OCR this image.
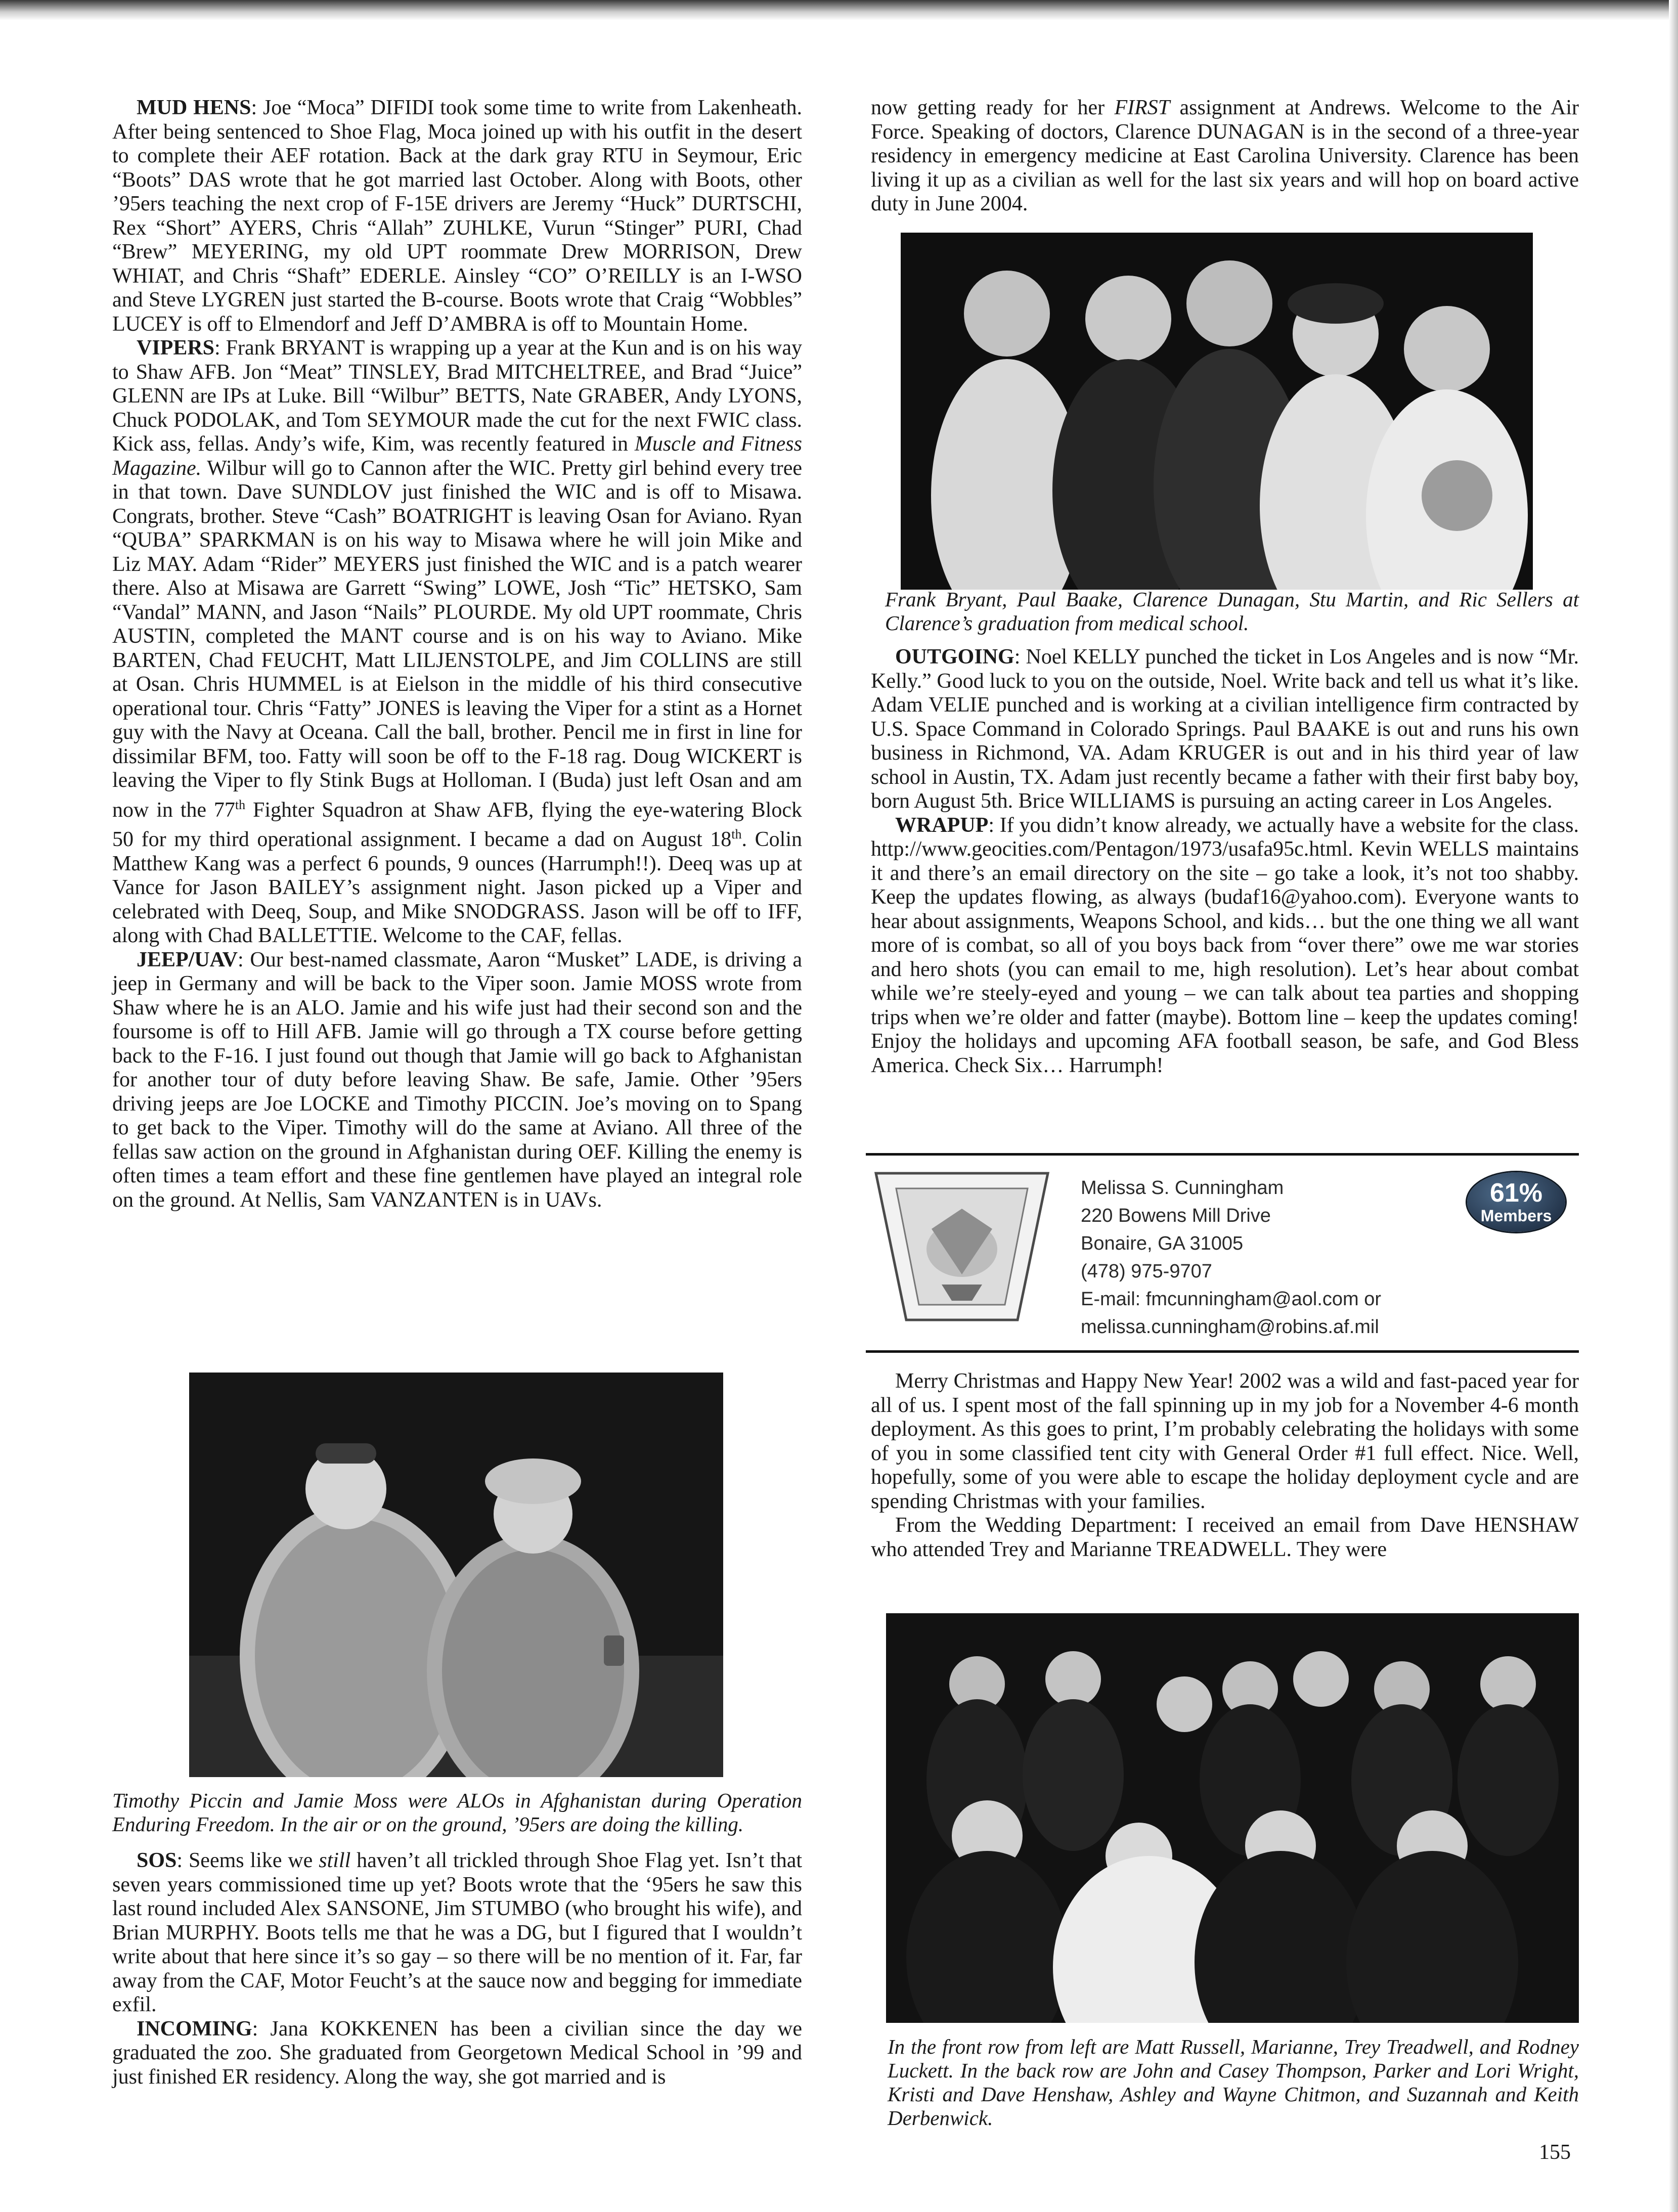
MUD HENS: Joe “Moca” DIFIDI took some time to write from Lakenheath. After being sentenced to Shoe Flag, Moca joined up with his outfit in the desert to complete their AEF rotation. Back at the dark gray RTU in Seymour, Eric “Boots” DAS wrote that he got married last October. Along with Boots, other ’95ers teaching the next crop of F-15E drivers are Jeremy “Huck” DURTSCHI, Rex “Short” AYERS, Chris “Allah” ZUHLKE, Vurun “Stinger” PURI, Chad “Brew” MEYERING, my old UPT roommate Drew MORRISON, Drew WHIAT, and Chris “Shaft” EDERLE. Ainsley “CO” O’REILLY is an I-WSO and Steve LYGREN just started the B-course. Boots wrote that Craig “Wobbles” LUCEY is off to Elmendorf and Jeff D’AMBRA is off to Mountain Home.

VIPERS: Frank BRYANT is wrapping up a year at the Kun and is on his way to Shaw AFB. Jon “Meat” TINSLEY, Brad MITCHELTREE, and Brad “Juice” GLENN are IPs at Luke. Bill “Wilbur” BETTS, Nate GRABER, Andy LYONS, Chuck PODOLAK, and Tom SEYMOUR made the cut for the next FWIC class. Kick ass, fellas. Andy’s wife, Kim, was recently featured in Muscle and Fitness Magazine. Wilbur will go to Cannon after the WIC. Pretty girl behind every tree in that town. Dave SUNDLOV just finished the WIC and is off to Misawa. Congrats, brother. Steve “Cash” BOATRIGHT is leaving Osan for Aviano. Ryan “QUBA” SPARKMAN is on his way to Misawa where he will join Mike and Liz MAY. Adam “Rider” MEYERS just finished the WIC and is a patch wearer there. Also at Misawa are Garrett “Swing” LOWE, Josh “Tic” HETSKO, Sam “Vandal” MANN, and Jason “Nails” PLOURDE. My old UPT roommate, Chris AUSTIN, completed the MANT course and is on his way to Aviano. Mike BARTEN, Chad FEUCHT, Matt LILJENSTOLPE, and Jim COLLINS are still at Osan. Chris HUMMEL is at Eielson in the middle of his third consecutive operational tour. Chris “Fatty” JONES is leaving the Viper for a stint as a Hornet guy with the Navy at Oceana. Call the ball, brother. Pencil me in first in line for dissimilar BFM, too. Fatty will soon be off to the F-18 rag. Doug WICKERT is leaving the Viper to fly Stink Bugs at Holloman. I (Buda) just left Osan and am now in the 77th Fighter Squadron at Shaw AFB, flying the eye-watering Block 50 for my third operational assignment. I became a dad on August 18th. Colin Matthew Kang was a perfect 6 pounds, 9 ounces (Harrumph!!). Deeq was up at Vance for Jason BAILEY’s assignment night. Jason picked up a Viper and celebrated with Deeq, Soup, and Mike SNODGRASS. Jason will be off to IFF, along with Chad BALLETTIE. Welcome to the CAF, fellas.

JEEP/UAV: Our best-named classmate, Aaron “Musket” LADE, is driving a jeep in Germany and will be back to the Viper soon. Jamie MOSS wrote from Shaw where he is an ALO. Jamie and his wife just had their second son and the foursome is off to Hill AFB. Jamie will go through a TX course before getting back to the F-16. I just found out though that Jamie will go back to Afghanistan for another tour of duty before leaving Shaw. Be safe, Jamie. Other ’95ers driving jeeps are Joe LOCKE and Timothy PICCIN. Joe’s moving on to Spang to get back to the Viper. Timothy will do the same at Aviano. All three of the fellas saw action on the ground in Afghanistan during OEF. Killing the enemy is often times a team effort and these fine gentlemen have played an integral role on the ground. At Nellis, Sam VANZANTEN is in UAVs.

Timothy Piccin and Jamie Moss were ALOs in Afghanistan during Operation Enduring Freedom. In the air or on the ground, ’95ers are doing the killing.

SOS: Seems like we still haven’t all trickled through Shoe Flag yet. Isn’t that seven years commissioned time up yet? Boots wrote that the ‘95ers he saw this last round included Alex SANSONE, Jim STUMBO (who brought his wife), and Brian MURPHY. Boots tells me that he was a DG, but I figured that I wouldn’t write about that here since it’s so gay – so there will be no mention of it. Far, far away from the CAF, Motor Feucht’s at the sauce now and begging for immediate exfil.

INCOMING: Jana KOKKENEN has been a civilian since the day we graduated the zoo. She graduated from Georgetown Medical School in ’99 and just finished ER residency. Along the way, she got married and is

now getting ready for her FIRST assignment at Andrews. Welcome to the Air Force. Speaking of doctors, Clarence DUNAGAN is in the second of a three-year residency in emergency medicine at East Carolina University. Clarence has been living it up as a civilian as well for the last six years and will hop on board active duty in June 2004.

Frank Bryant, Paul Baake, Clarence Dunagan, Stu Martin, and Ric Sellers at Clarence’s graduation from medical school.

OUTGOING: Noel KELLY punched the ticket in Los Angeles and is now “Mr. Kelly.” Good luck to you on the outside, Noel. Write back and tell us what it’s like. Adam VELIE punched and is working at a civilian intelligence firm contracted by U.S. Space Command in Colorado Springs. Paul BAAKE is out and runs his own business in Richmond, VA. Adam KRUGER is out and in his third year of law school in Austin, TX. Adam just recently became a father with their first baby boy, born August 5th. Brice WILLIAMS is pursuing an acting career in Los Angeles.

WRAPUP: If you didn’t know already, we actually have a website for the class. http://www.geocities.com/Pentagon/1973/usafa95c.html. Kevin WELLS maintains it and there’s an email directory on the site – go take a look, it’s not too shabby. Keep the updates flowing, as always (budaf16@yahoo.com). Everyone wants to hear about assignments, Weapons School, and kids… but the one thing we all want more of is combat, so all of you boys back from “over there” owe me war stories and hero shots (you can email to me, high resolution). Let’s hear about combat while we’re steely-eyed and young – we can talk about tea parties and shopping trips when we’re older and fatter (maybe). Bottom line – keep the updates coming! Enjoy the holidays and upcoming AFA football season, be safe, and God Bless America. Check Six… Harrumph!

Melissa S. Cunningham
220 Bowens Mill Drive
Bonaire, GA 31005
(478) 975-9707
E-mail: fmcunningham@aol.com or
melissa.cunningham@robins.af.mil
61%
Members

Merry Christmas and Happy New Year! 2002 was a wild and fast-paced year for all of us. I spent most of the fall spinning up in my job for a November 4-6 month deployment. As this goes to print, I’m probably celebrating the holidays with some of you in some classified tent city with General Order #1 full effect. Nice. Well, hopefully, some of you were able to escape the holiday deployment cycle and are spending Christmas with your families.

From the Wedding Department: I received an email from Dave HENSHAW who attended Trey and Marianne TREADWELL. They were

In the front row from left are Matt Russell, Marianne, Trey Treadwell, and Rodney Luckett. In the back row are John and Casey Thompson, Parker and Lori Wright, Kristi and Dave Henshaw, Ashley and Wayne Chitmon, and Suzannah and Keith Derbenwick.

155
